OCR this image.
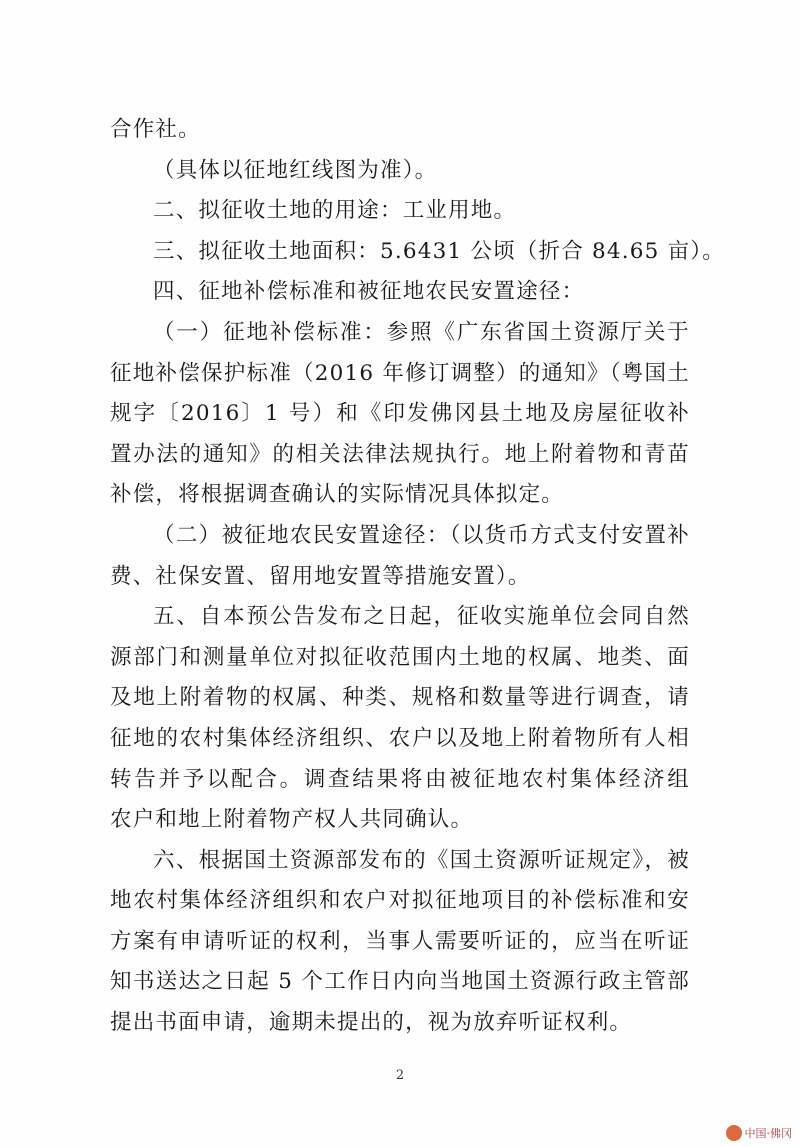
合作社。
（具体以征地红线图为准）。
二、拟征收土地的用途：工业用地。
三、拟征收土地面积：5.6431 公顷（折合 84.65 亩）。
四、征地补偿标准和被征地农民安置途径：
（一）征地补偿标准：参照《广东省国土资源厅关于
征地补偿保护标准（2016 年修订调整）的通知》（粤国土
规字〔2016〕1 号）和《印发佛冈县土地及房屋征收补
置办法的通知》的相关法律法规执行。地上附着物和青苗
补偿，将根据调查确认的实际情况具体拟定。
（二）被征地农民安置途径：（以货币方式支付安置补
费、社保安置、留用地安置等措施安置）。
五、自本预公告发布之日起，征收实施单位会同自然
源部门和测量单位对拟征收范围内土地的权属、地类、面
及地上附着物的权属、种类、规格和数量等进行调查，请
征地的农村集体经济组织、农户以及地上附着物所有人相
转告并予以配合。调查结果将由被征地农村集体经济组
农户和地上附着物产权人共同确认。
六、根据国土资源部发布的《国土资源听证规定》，被
地农村集体经济组织和农户对拟征地项目的补偿标准和安
方案有申请听证的权利，当事人需要听证的，应当在听证
知书送达之日起 5 个工作日内向当地国土资源行政主管部
提出书面申请，逾期未提出的，视为放弃听证权利。
2
中国·佛冈
